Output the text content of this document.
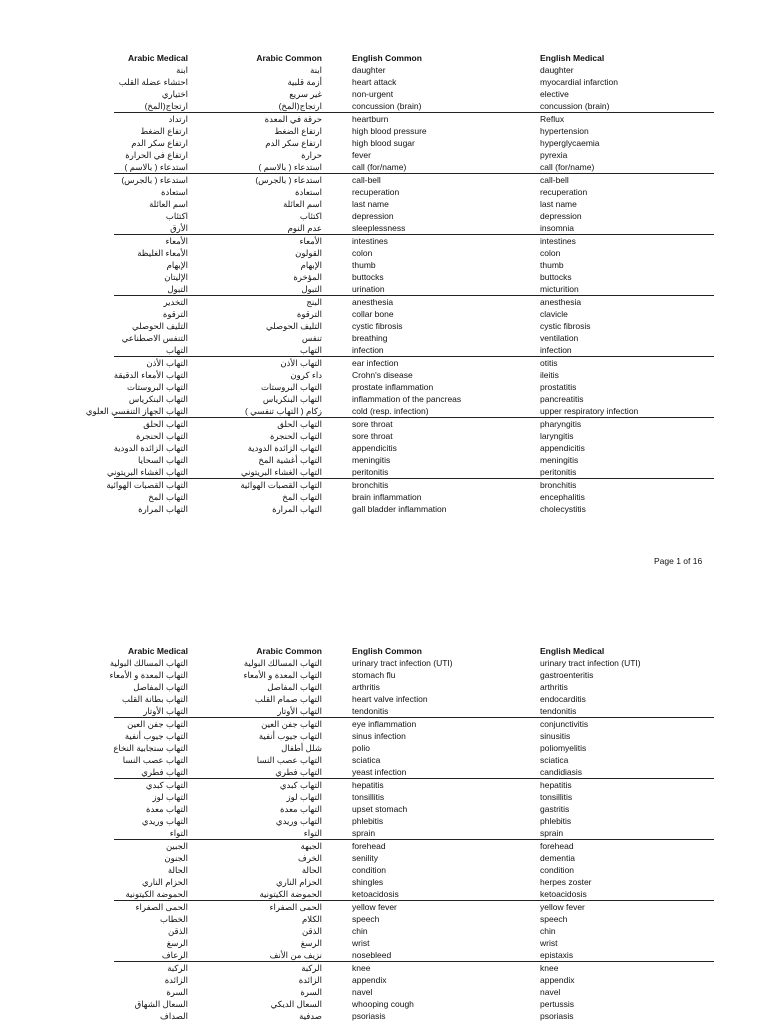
Arabic Medical	Arabic Common	English Common	English Medical
ابنة	ابنة	daughter	daughter
احتشاء عضلة القلب	أزمة قلبية	heart attack	myocardial infarction
اختياري	غير سريع	non-urgent	elective
ارتجاج(المخ)	ارتجاج(المخ)	concussion (brain)	concussion (brain)
ارتداد	حرقة في المعدة	heartburn	Reflux
ارتفاع الضغط	ارتفاع الضغط	high blood pressure	hypertension
ارتفاع سكر الدم	ارتفاع سكر الدم	high blood sugar	hyperglycaemia
ارتفاع في الحرارة	حرارة	fever	pyrexia
استدعاء ( بالاسم )	استدعاء ( بالاسم )	call (for/name)	call (for/name)
استدعاء ( بالجرس)	استدعاء ( بالجرس)	call-bell	call-bell
استعادة	استعادة	recuperation	recuperation
اسم العائلة	اسم العائلة	last name	last name
اكتئاب	اكتئاب	depression	depression
الأرق	عدم النوم	sleeplessness	insomnia
الأمعاء	الأمعاء	intestines	intestines
الأمعاء الغليظة	القولون	colon	colon
الإبهام	الإبهام	thumb	thumb
الإليتان	المؤخرة	buttocks	buttocks
التبول	التبول	urination	micturition
التخدير	البنج	anesthesia	anesthesia
الترقوة	الترقوة	collar bone	clavicle
التليف الحوصلي	التليف الحوصلي	cystic fibrosis	cystic fibrosis
التنفس الاصطناعي	تنفس	breathing	ventilation
التهاب	التهاب	infection	infection
التهاب الأذن	التهاب الأذن	ear infection	otitis
التهاب الأمعاء الدقيقة	داء كرون	Crohn's disease	ileitis
التهاب البروستات	التهاب البروستات	prostate inflammation	prostatitis
التهاب البنكرياس	التهاب البنكرياس	inflammation of the pancreas	pancreatitis
التهاب الجهاز التنفسي العلوي	زكام ( التهاب تنفسي )	cold (resp. infection)	upper respiratory infection
التهاب الحلق	التهاب الحلق	sore throat	pharyngitis
التهاب الحنجرة	التهاب الحنجرة	sore throat	laryngitis
التهاب الزائدة الدودية	التهاب الزائدة الدودية	appendicitis	appendicitis
التهاب السحايا	التهاب أغشية المخ	meningitis	meningitis
التهاب الغشاء البريتوني	التهاب الغشاء البريتوني	peritonitis	peritonitis
التهاب القصبات الهوائية	التهاب القصبات الهوائية	bronchitis	bronchitis
التهاب المخ	التهاب المخ	brain inflammation	encephalitis
التهاب المرارة	التهاب المرارة	gall bladder inflammation	cholecystitis
Page 1 of 16
Arabic Medical	Arabic Common	English Common	English Medical
التهاب المسالك البولية	التهاب المسالك البولية	urinary tract infection (UTI)	urinary tract infection (UTI)
التهاب المعدة و الأمعاء	التهاب المعدة و الأمعاء	stomach flu	gastroenteritis
التهاب المفاصل	التهاب المفاصل	arthritis	arthritis
التهاب بطانة القلب	التهاب صمام القلب	heart valve infection	endocarditis
التهاب الأوتار	التهاب الأوتار	tendonitis	tendonitis
التهاب جفن العين	التهاب جفن العين	eye inflammation	conjunctivitis
التهاب جيوب أنفية	التهاب جيوب أنفية	sinus infection	sinusitis
التهاب سنجابية النخاع	شلل أطفال	polio	poliomyelitis
التهاب عصب النسا	التهاب عصب النسا	sciatica	sciatica
التهاب فطري	التهاب فطري	yeast infection	candidiasis
التهاب كبدي	التهاب كبدي	hepatitis	hepatitis
التهاب لوز	التهاب لوز	tonsillitis	tonsillitis
التهاب معدة	التهاب معدة	upset stomach	gastritis
التهاب وريدي	التهاب وريدي	phlebitis	phlebitis
التواء	التواء	sprain	sprain
الجبين	الجبهة	forehead	forehead
الجنون	الخرف	senility	dementia
الحالة	الحالة	condition	condition
الحزام الناري	الحزام الناري	shingles	herpes zoster
الحموضة الكيتونية	الحموضة الكيتونية	ketoacidosis	ketoacidosis
الحمى الصفراء	الحمى الصفراء	yellow fever	yellow fever
الخطاب	الكلام	speech	speech
الذقن	الذقن	chin	chin
الرسغ	الرسغ	wrist	wrist
الرعاف	نزيف من الأنف	nosebleed	epistaxis
الركبة	الركبة	knee	knee
الزائدة	الزائدة	appendix	appendix
السرة	السرة	navel	navel
السعال الشهاق	السعال الديكي	whooping cough	pertussis
الصداف	صدفية	psoriasis	psoriasis
